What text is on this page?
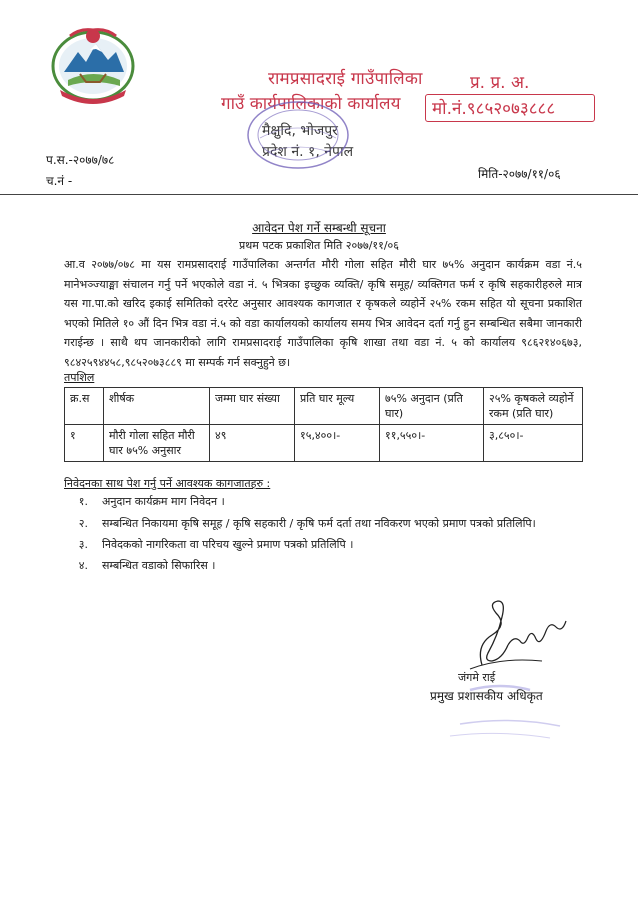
रामप्रसादराई गाउँपालिका
गाउँ कार्यपालिकाको कार्यालय
मैक्षुदि, भोजपुर
प्रदेश नं. १, नेपाल
प्र. प्र. अ.
मो.नं.९८५२०७३८८८
प.स.-२०७७/७८
च.नं -	मिति-२०७७/११/०६
आवेदन पेश गर्ने सम्बन्धी सूचना
प्रथम पटक प्रकाशित मिति २०७७/११/०६
आ.व २०७७/०७८ मा यस रामप्रसादराई गाउँपालिका अन्तर्गत मौरी गोला सहित मौरी घार ७५% अनुदान कार्यक्रम वडा नं.५ मानेभञ्ज्याङ्मा संचालन गर्नु पर्ने भएकोले वडा नं. ५ भित्रका इच्छुक व्यक्ति/ कृषि समूह/ व्यक्तिगत फर्म र कृषि सहकारीहरुले मात्र यस गा.पा.को खरिद इकाई समितिको दररेट अनुसार आवश्यक कागजात र कृषकले व्यहोर्ने २५% रकम सहित यो सूचना प्रकाशित भएको मितिले १० औं दिन भित्र वडा नं.५ को वडा कार्यालयको कार्यालय समय भित्र आवेदन दर्ता गर्नु हुन सम्बन्धित सबैमा जानकारी गराईन्छ । साथै थप जानकारीको लागि रामप्रसादराई गाउँपालिका कृषि शाखा तथा वडा नं. ५ को कार्यालय ९८६२१४०६७३, ९८४२५९४४५८,९८५२०७३८८९ मा सम्पर्क गर्न सक्नुहुने छ।
तपशिल
क्र.स	शीर्षक	जम्मा घार संख्या	प्रति घार मूल्य	७५% अनुदान (प्रति घार)	२५% कृषकले व्यहोर्ने रकम (प्रति घार)
१	मौरी गोला सहित मौरी घार ७५% अनुसार	४९	१५,४००।-	११,५५०।-	३,८५०।-
निवेदनका साथ पेश गर्नु पर्ने आवश्यक कागजातहरु :
१. अनुदान कार्यक्रम माग निवेदन ।
२. सम्बन्धित निकायमा कृषि समूह / कृषि सहकारी / कृषि फर्म दर्ता तथा नविकरण भएको प्रमाण पत्रको प्रतिलिपि।
३. निवेदकको नागरिकता वा परिचय खुल्ने प्रमाण पत्रको प्रतिलिपि ।
४. सम्बन्धित वडाको सिफारिस ।
जंगमे राई
प्रमुख प्रशासकीय अधिकृत
